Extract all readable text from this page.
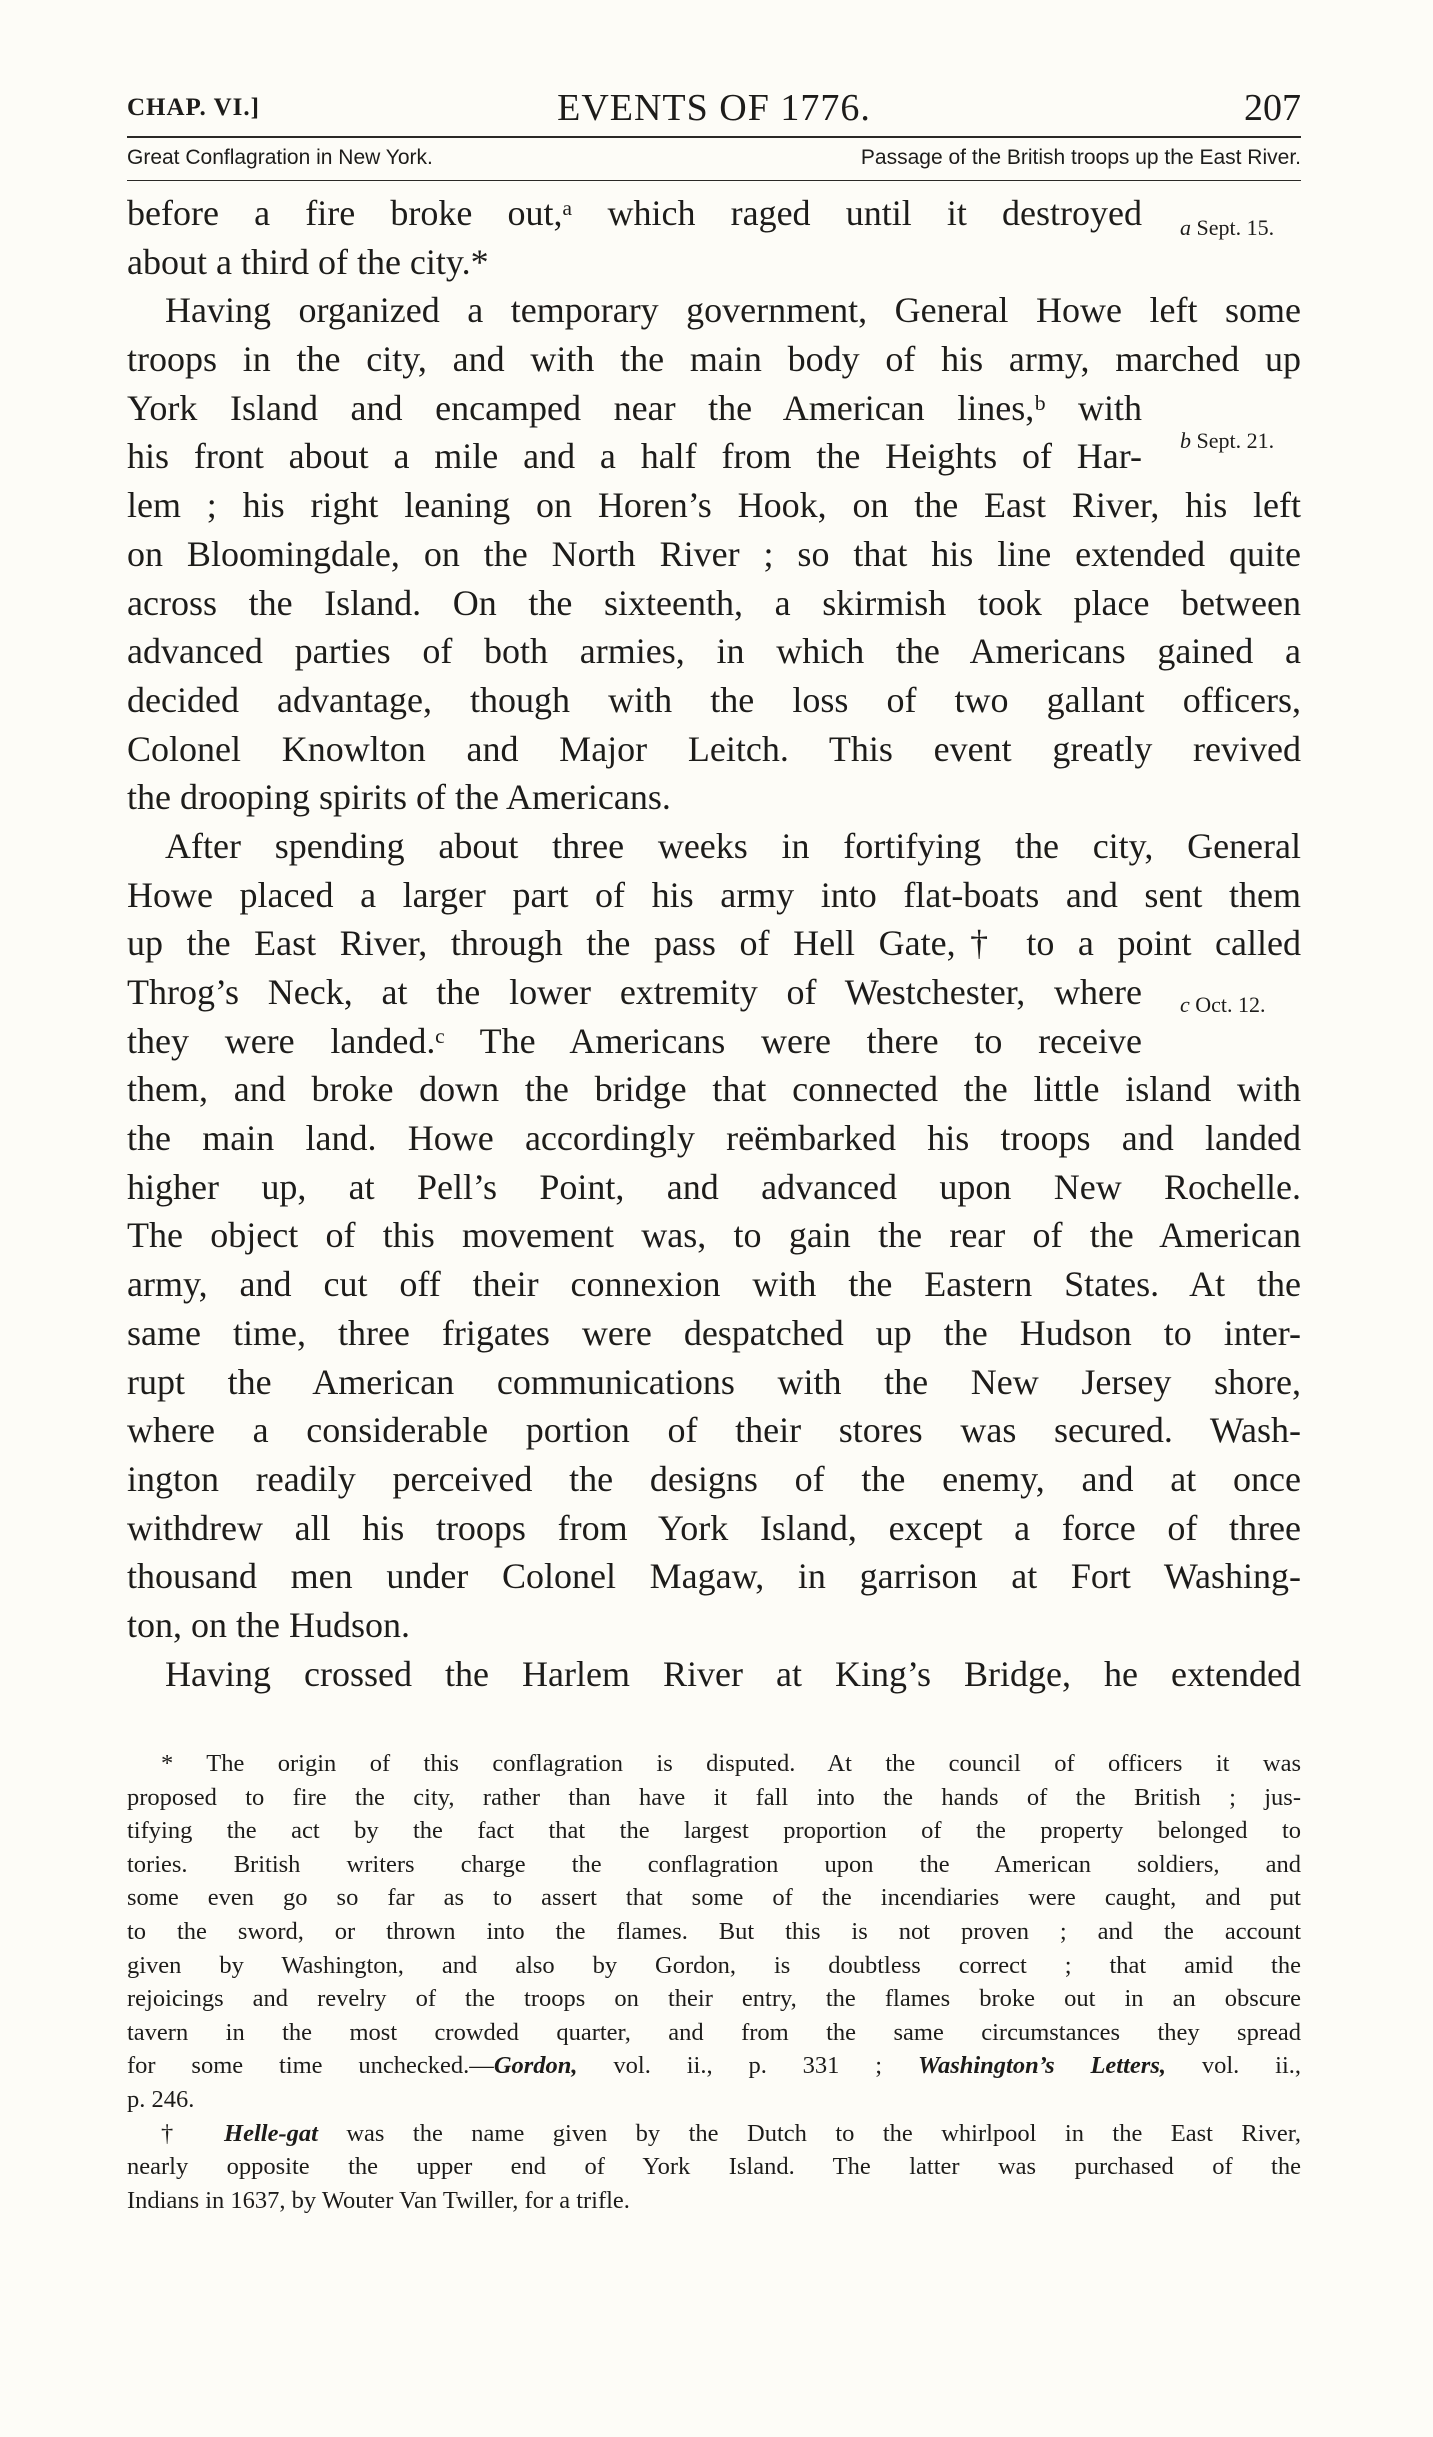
CHAP. VI.]	EVENTS OF 1776.	207
Great Conflagration in New York.	Passage of the British troops up the East River.
before a fire broke out,ᵃ which raged until it destroyed
about a third of the city.*
Having organized a temporary government, General Howe left some
troops in the city, and with the main body of his army, marched up
York Island and encamped near the American lines,ᵇ with
his front about a mile and a half from the Heights of Har-
lem ; his right leaning on Horen’s Hook, on the East River, his left
on Bloomingdale, on the North River ; so that his line extended quite
across the Island. On the sixteenth, a skirmish took place between
advanced parties of both armies, in which the Americans gained a
decided advantage, though with the loss of two gallant officers,
Colonel Knowlton and Major Leitch. This event greatly revived
the drooping spirits of the Americans.
After spending about three weeks in fortifying the city, General
Howe placed a larger part of his army into flat-boats and sent them
up the East River, through the pass of Hell Gate,† to a point called
Throg’s Neck, at the lower extremity of Westchester, where
they were landed.ᶜ The Americans were there to receive
them, and broke down the bridge that connected the little island with
the main land. Howe accordingly reëmbarked his troops and landed
higher up, at Pell’s Point, and advanced upon New Rochelle.
The object of this movement was, to gain the rear of the American
army, and cut off their connexion with the Eastern States. At the
same time, three frigates were despatched up the Hudson to inter-
rupt the American communications with the New Jersey shore,
where a considerable portion of their stores was secured. Wash-
ington readily perceived the designs of the enemy, and at once
withdrew all his troops from York Island, except a force of three
thousand men under Colonel Magaw, in garrison at Fort Washing-
ton, on the Hudson.
Having crossed the Harlem River at King’s Bridge, he extended
a Sept. 15.
b Sept. 21.
c Oct. 12.
* The origin of this conflagration is disputed. At the council of officers it was
proposed to fire the city, rather than have it fall into the hands of the British ; jus-
tifying the act by the fact that the largest proportion of the property belonged to
tories. British writers charge the conflagration upon the American soldiers, and
some even go so far as to assert that some of the incendiaries were caught, and put
to the sword, or thrown into the flames. But this is not proven ; and the account
given by Washington, and also by Gordon, is doubtless correct ; that amid the
rejoicings and revelry of the troops on their entry, the flames broke out in an obscure
tavern in the most crowded quarter, and from the same circumstances they spread
for some time unchecked.—Gordon, vol. ii., p. 331 ; Washington’s Letters, vol. ii.,
p. 246.
† Helle-gat was the name given by the Dutch to the whirlpool in the East River,
nearly opposite the upper end of York Island. The latter was purchased of the
Indians in 1637, by Wouter Van Twiller, for a trifle.
